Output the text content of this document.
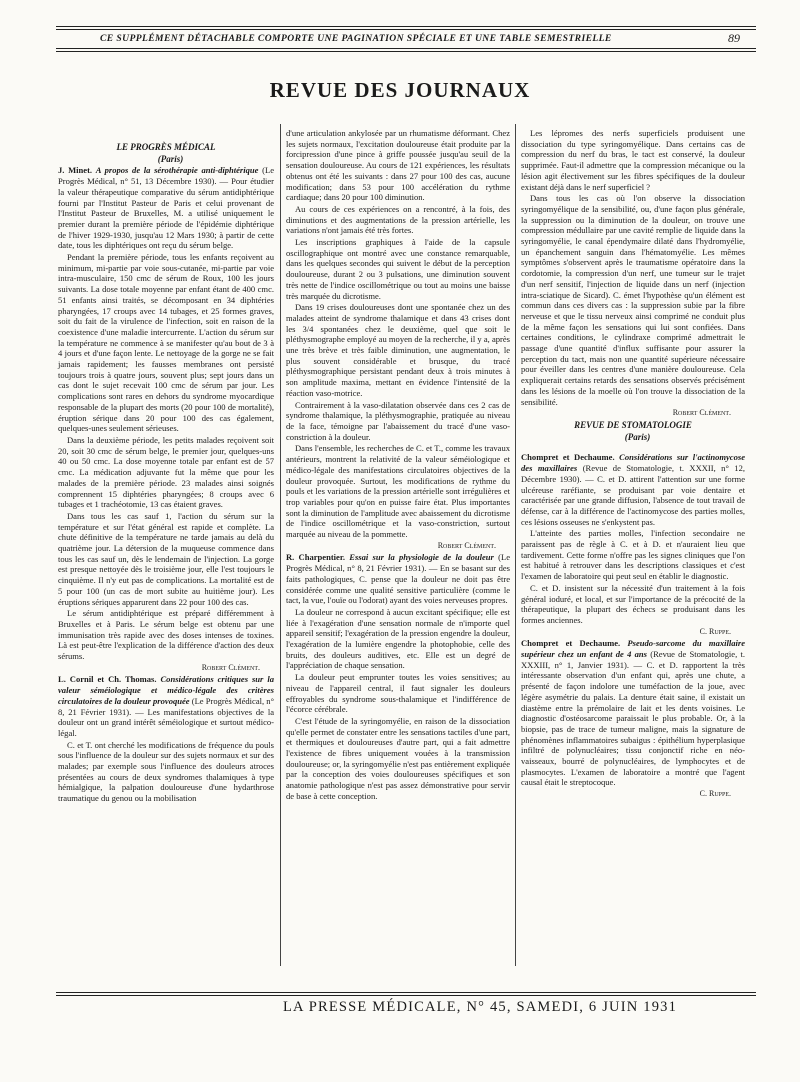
CE SUPPLÉMENT DÉTACHABLE COMPORTE UNE PAGINATION SPÉCIALE ET UNE TABLE SEMESTRIELLE	89
REVUE DES JOURNAUX

LE PROGRÈS MÉDICAL

(Paris)

J. Minet. A propos de la sérothérapie anti-diphtérique (Le Progrès Médical, n° 51, 13 Décembre 1930). — Pour étudier la valeur thérapeutique comparative du sérum antidiphtérique fourni par l'Institut Pasteur de Paris et celui provenant de l'Institut Pasteur de Bruxelles, M. a utilisé uniquement le premier durant la première période de l'épidémie diphtérique de l'hiver 1929-1930, jusqu'au 12 Mars 1930; à partir de cette date, tous les diphtériques ont reçu du sérum belge.

Pendant la première période, tous les enfants reçoivent au minimum, mi-partie par voie sous-cutanée, mi-partie par voie intra-musculaire, 150 cmc de sérum de Roux, 100 les jours suivants. La dose totale moyenne par enfant étant de 400 cmc. 51 enfants ainsi traités, se décomposant en 34 diphtéries pharyngées, 17 croups avec 14 tubages, et 25 formes graves, soit du fait de la virulence de l'infection, soit en raison de la coexistence d'une maladie intercurrente. L'action du sérum sur la température ne commence à se manifester qu'au bout de 3 à 4 jours et d'une façon lente. Le nettoyage de la gorge ne se fait jamais rapidement; les fausses membranes ont persisté toujours trois à quatre jours, souvent plus; sept jours dans un cas dont le sujet recevait 100 cmc de sérum par jour. Les complications sont rares en dehors du syndrome myocardique responsable de la plupart des morts (20 pour 100 de mortalité), éruption sérique dans 20 pour 100 des cas également, quelques-unes seulement sérieuses.

Dans la deuxième période, les petits malades reçoivent soit 20, soit 30 cmc de sérum belge, le premier jour, quelques-uns 40 ou 50 cmc. La dose moyenne totale par enfant est de 57 cmc. La médication adjuvante fut la même que pour les malades de la première période. 23 malades ainsi soignés comprennent 15 diphtéries pharyngées; 8 croups avec 6 tubages et 1 trachéotomie, 13 cas étaient graves.

Dans tous les cas sauf 1, l'action du sérum sur la température et sur l'état général est rapide et complète. La chute définitive de la température ne tarde jamais au delà du quatrième jour. La détersion de la muqueuse commence dans tous les cas sauf un, dès le lendemain de l'injection. La gorge est presque nettoyée dès le troisième jour, elle l'est toujours le cinquième. Il n'y eut pas de complications. La mortalité est de 5 pour 100 (un cas de mort subite au huitième jour). Les éruptions sériques apparurent dans 22 pour 100 des cas.

Le sérum antidiphtérique est préparé différemment à Bruxelles et à Paris. Le sérum belge est obtenu par une immunisation très rapide avec des doses intenses de toxines. Là est peut-être l'explication de la différence d'action des deux sérums.

Robert Clément.

L. Cornil et Ch. Thomas. Considérations critiques sur la valeur séméiologique et médico-légale des critères circulatoires de la douleur provoquée (Le Progrès Médical, n° 8, 21 Février 1931). — Les manifestations objectives de la douleur ont un grand intérêt séméiologique et surtout médico-légal.

C. et T. ont cherché les modifications de fréquence du pouls sous l'influence de la douleur sur des sujets normaux et sur des malades; par exemple sous l'influence des douleurs atroces présentées au cours de deux syndromes thalamiques à type hémialgique, la palpation douloureuse d'une hydarthrose traumatique du genou ou la mobilisation

d'une articulation ankylosée par un rhumatisme déformant. Chez les sujets normaux, l'excitation douloureuse était produite par la forcipression d'une pince à griffe poussée jusqu'au seuil de la sensation douloureuse. Au cours de 121 expériences, les résultats obtenus ont été les suivants : dans 27 pour 100 des cas, aucune modification; dans 53 pour 100 accélération du rythme cardiaque; dans 20 pour 100 diminution.

Au cours de ces expériences on a rencontré, à la fois, des diminutions et des augmentations de la pression artérielle, les variations n'ont jamais été très fortes.

Les inscriptions graphiques à l'aide de la capsule oscillographique ont montré avec une constance remarquable, dans les quelques secondes qui suivent le début de la perception douloureuse, durant 2 ou 3 pulsations, une diminution souvent très nette de l'indice oscillométrique ou tout au moins une baisse très marquée du dicrotisme.

Dans 19 crises douloureuses dont une spontanée chez un des malades atteint de syndrome thalamique et dans 43 crises dont les 3/4 spontanées chez le deuxième, quel que soit le pléthysmographe employé au moyen de la recherche, il y a, après une très brève et très faible diminution, une augmentation, le plus souvent considérable et brusque, du tracé pléthysmographique persistant pendant deux à trois minutes à son amplitude maxima, mettant en évidence l'intensité de la réaction vaso-motrice.

Contrairement à la vaso-dilatation observée dans ces 2 cas de syndrome thalamique, la pléthysmographie, pratiquée au niveau de la face, témoigne par l'abaissement du tracé d'une vaso-constriction à la douleur.

Dans l'ensemble, les recherches de C. et T., comme les travaux antérieurs, montrent la relativité de la valeur séméiologique et médico-légale des manifestations circulatoires objectives de la douleur provoquée. Surtout, les modifications de rythme du pouls et les variations de la pression artérielle sont irrégulières et trop variables pour qu'on en puisse faire état. Plus importantes sont la diminution de l'amplitude avec abaissement du dicrotisme de l'indice oscillométrique et la vaso-constriction, surtout marquée au niveau de la pommette.

Robert Clément.

R. Charpentier. Essai sur la physiologie de la douleur (Le Progrès Médical, n° 8, 21 Février 1931). — En se basant sur des faits pathologiques, C. pense que la douleur ne doit pas être considérée comme une qualité sensitive particulière (comme le tact, la vue, l'ouïe ou l'odorat) ayant des voies nerveuses propres.

La douleur ne correspond à aucun excitant spécifique; elle est liée à l'exagération d'une sensation normale de n'importe quel appareil sensitif; l'exagération de la pression engendre la douleur, l'exagération de la lumière engendre la photophobie, celle des bruits, des douleurs auditives, etc. Elle est un degré de l'appréciation de chaque sensation.

La douleur peut emprunter toutes les voies sensitives; au niveau de l'appareil central, il faut signaler les douleurs effroyables du syndrome sous-thalamique et l'indifférence de l'écorce cérébrale.

C'est l'étude de la syringomyélie, en raison de la dissociation qu'elle permet de constater entre les sensations tactiles d'une part, et thermiques et douloureuses d'autre part, qui a fait admettre l'existence de fibres uniquement vouées à la transmission douloureuse; or, la syringomyélie n'est pas entièrement expliquée par la conception des voies douloureuses spécifiques et son anatomie pathologique n'est pas assez démonstrative pour servir de base à cette conception.

Les lépromes des nerfs superficiels produisent une dissociation du type syringomyélique. Dans certains cas de compression du nerf du bras, le tact est conservé, la douleur supprimée. Faut-il admettre que la compression mécanique ou la lésion agit électivement sur les fibres spécifiques de la douleur existant déjà dans le nerf superficiel ?

Dans tous les cas où l'on observe la dissociation syringomyélique de la sensibilité, ou, d'une façon plus générale, la suppression ou la diminution de la douleur, on trouve une compression médullaire par une cavité remplie de liquide dans la syringomyélie, le canal épendymaire dilaté dans l'hydromyélie, un épanchement sanguin dans l'hématomyélie. Les mêmes symptômes s'observent après le traumatisme opératoire dans la cordotomie, la compression d'un nerf, une tumeur sur le trajet d'un nerf sensitif, l'injection de liquide dans un nerf (injection intra-sciatique de Sicard). C. émet l'hypothèse qu'un élément est commun dans ces divers cas : la suppression subie par la fibre nerveuse et que le tissu nerveux ainsi comprimé ne conduit plus de la même façon les sensations qui lui sont confiées. Dans certaines conditions, le cylindraxe comprimé admettrait le passage d'une quantité d'influx suffisante pour assurer la perception du tact, mais non une quantité supérieure nécessaire pour éveiller dans les centres d'une manière douloureuse. Cela expliquerait certains retards des sensations observés précisément dans les lésions de la moelle où l'on trouve la dissociation de la sensibilité.

Robert Clément.

REVUE DE STOMATOLOGIE

(Paris)

Chompret et Dechaume. Considérations sur l'actinomycose des maxillaires (Revue de Stomatologie, t. XXXII, n° 12, Décembre 1930). — C. et D. attirent l'attention sur une forme ulcéreuse raréfiante, se produisant par voie dentaire et caractérisée par une grande diffusion, l'absence de tout travail de défense, car à la différence de l'actinomycose des parties molles, ces lésions osseuses ne s'enkystent pas.

L'atteinte des parties molles, l'infection secondaire ne paraissent pas de règle à C. et à D. et n'auraient lieu que tardivement. Cette forme n'offre pas les signes cliniques que l'on est habitué à retrouver dans les descriptions classiques et c'est l'examen de laboratoire qui peut seul en établir le diagnostic.

C. et D. insistent sur la nécessité d'un traitement à la fois général ioduré, et local, et sur l'importance de la précocité de la thérapeutique, la plupart des échecs se produisant dans les formes anciennes.

C. Ruppe.

Chompret et Dechaume. Pseudo-sarcome du maxillaire supérieur chez un enfant de 4 ans (Revue de Stomatologie, t. XXXIII, n° 1, Janvier 1931). — C. et D. rapportent la très intéressante observation d'un enfant qui, après une chute, a présenté de façon indolore une tuméfaction de la joue, avec légère asymétrie du palais. La denture était saine, il existait un diastème entre la prémolaire de lait et les dents voisines. Le diagnostic d'ostéosarcome paraissait le plus probable. Or, à la biopsie, pas de trace de tumeur maligne, mais la signature de phénomènes inflammatoires subaigus : épithélium hyperplasique infiltré de polynucléaires; tissu conjonctif riche en néo-vaisseaux, bourré de polynucléaires, de lymphocytes et de plasmocytes. L'examen de laboratoire a montré que l'agent causal était le streptocoque.

C. Ruppe.

LA PRESSE MÉDICALE, N° 45, SAMEDI, 6 JUIN 1931
